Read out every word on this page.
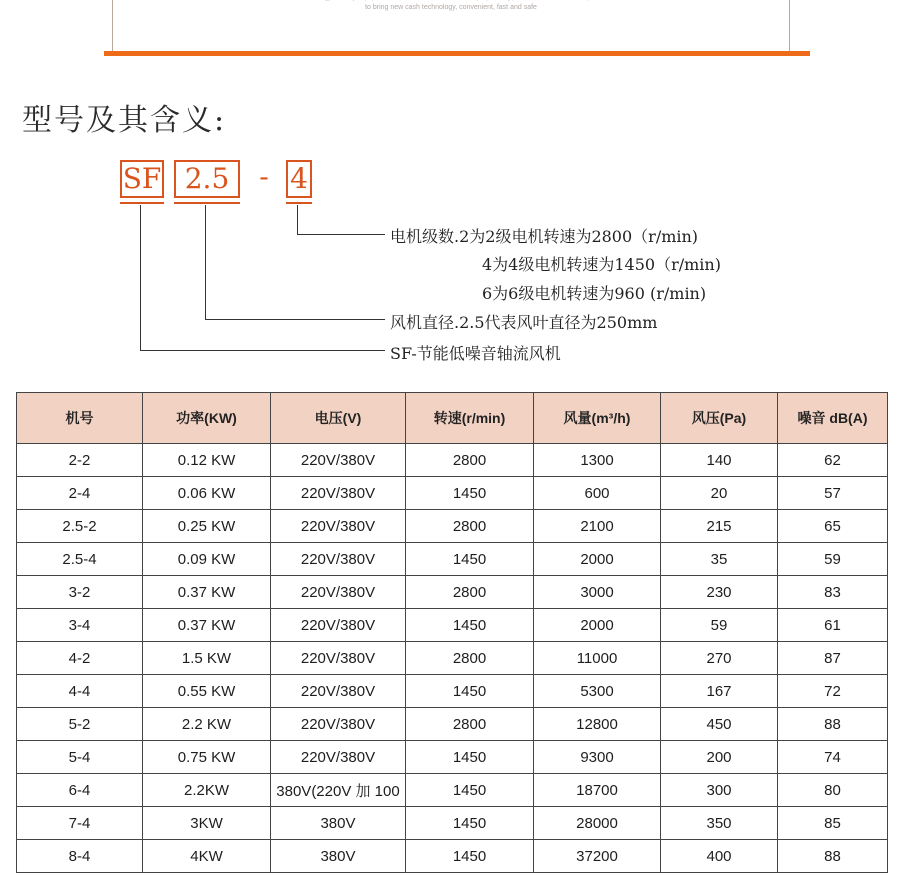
to bring new cash technology, convenient, fast and safe
型号及其含义:
SF 2.5	- 4
电机级数.2为2级电机转速为2800（r/min)
4为4级电机转速为1450（r/min)
6为6级电机转速为960 (r/min)
风机直径.2.5代表风叶直径为250mm
SF-节能低噪音轴流风机
机号	功率(KW)	电压(V)	转速(r/min)	风量(m³/h)	风压(Pa)	噪音 dB(A)
2-2	0.12 KW	220V/380V	2800	1300	140	62
2-4	0.06 KW	220V/380V	1450	600	20	57
2.5-2	0.25 KW	220V/380V	2800	2100	215	65
2.5-4	0.09 KW	220V/380V	1450	2000	35	59
3-2	0.37 KW	220V/380V	2800	3000	230	83
3-4	0.37 KW	220V/380V	1450	2000	59	61
4-2	1.5 KW	220V/380V	2800	11000	270	87
4-4	0.55 KW	220V/380V	1450	5300	167	72
5-2	2.2 KW	220V/380V	2800	12800	450	88
5-4	0.75 KW	220V/380V	1450	9300	200	74
6-4	2.2KW	380V(220V 加 100	1450	18700	300	80
7-4	3KW	380V	1450	28000	350	85
8-4	4KW	380V	1450	37200	400	88
